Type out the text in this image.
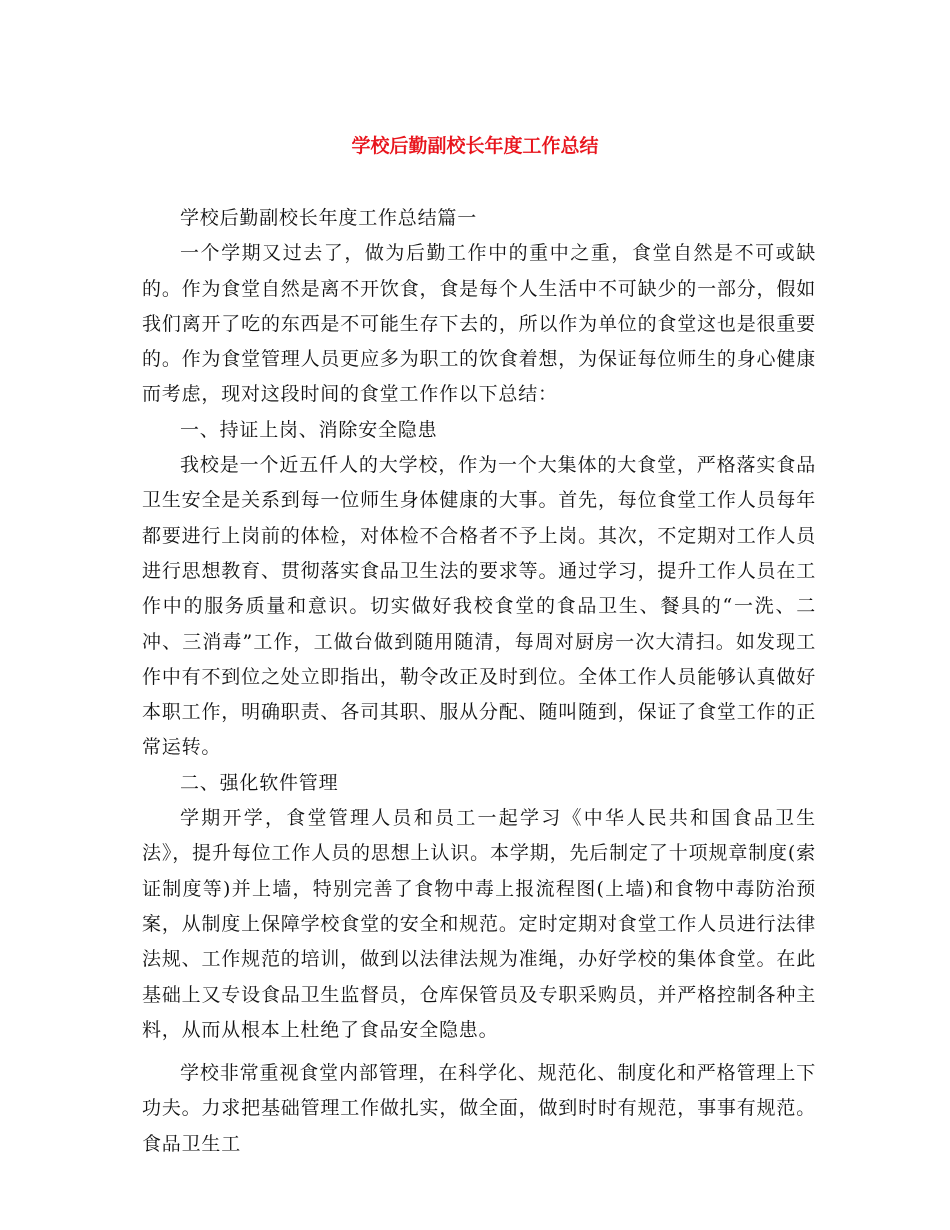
学校后勤副校长年度工作总结

学校后勤副校长年度工作总结篇一

一个学期又过去了，做为后勤工作中的重中之重，食堂自然是不可或缺的。作为食堂自然是离不开饮食，食是每个人生活中不可缺少的一部分，假如我们离开了吃的东西是不可能生存下去的，所以作为单位的食堂这也是很重要的。作为食堂管理人员更应多为职工的饮食着想，为保证每位师生的身心健康而考虑，现对这段时间的食堂工作作以下总结：

一、持证上岗、消除安全隐患

我校是一个近五仟人的大学校，作为一个大集体的大食堂，严格落实食品卫生安全是关系到每一位师生身体健康的大事。首先，每位食堂工作人员每年都要进行上岗前的体检，对体检不合格者不予上岗。其次，不定期对工作人员进行思想教育、贯彻落实食品卫生法的要求等。通过学习，提升工作人员在工作中的服务质量和意识。切实做好我校食堂的食品卫生、餐具的“一洗、二冲、三消毒”工作，工做台做到随用随清，每周对厨房一次大清扫。如发现工作中有不到位之处立即指出，勒令改正及时到位。全体工作人员能够认真做好本职工作，明确职责、各司其职、服从分配、随叫随到，保证了食堂工作的正常运转。

二、强化软件管理

学期开学，食堂管理人员和员工一起学习《中华人民共和国食品卫生法》，提升每位工作人员的思想上认识。本学期，先后制定了十项规章制度(索证制度等)并上墙，特别完善了食物中毒上报流程图(上墙)和食物中毒防治预案，从制度上保障学校食堂的安全和规范。定时定期对食堂工作人员进行法律法规、工作规范的培训，做到以法律法规为准绳，办好学校的集体食堂。在此基础上又专设食品卫生监督员，仓库保管员及专职采购员，并严格控制各种主料，从而从根本上杜绝了食品安全隐患。

学校非常重视食堂内部管理，在科学化、规范化、制度化和严格管理上下功夫。力求把基础管理工作做扎实，做全面，做到时时有规范，事事有规范。食品卫生工
